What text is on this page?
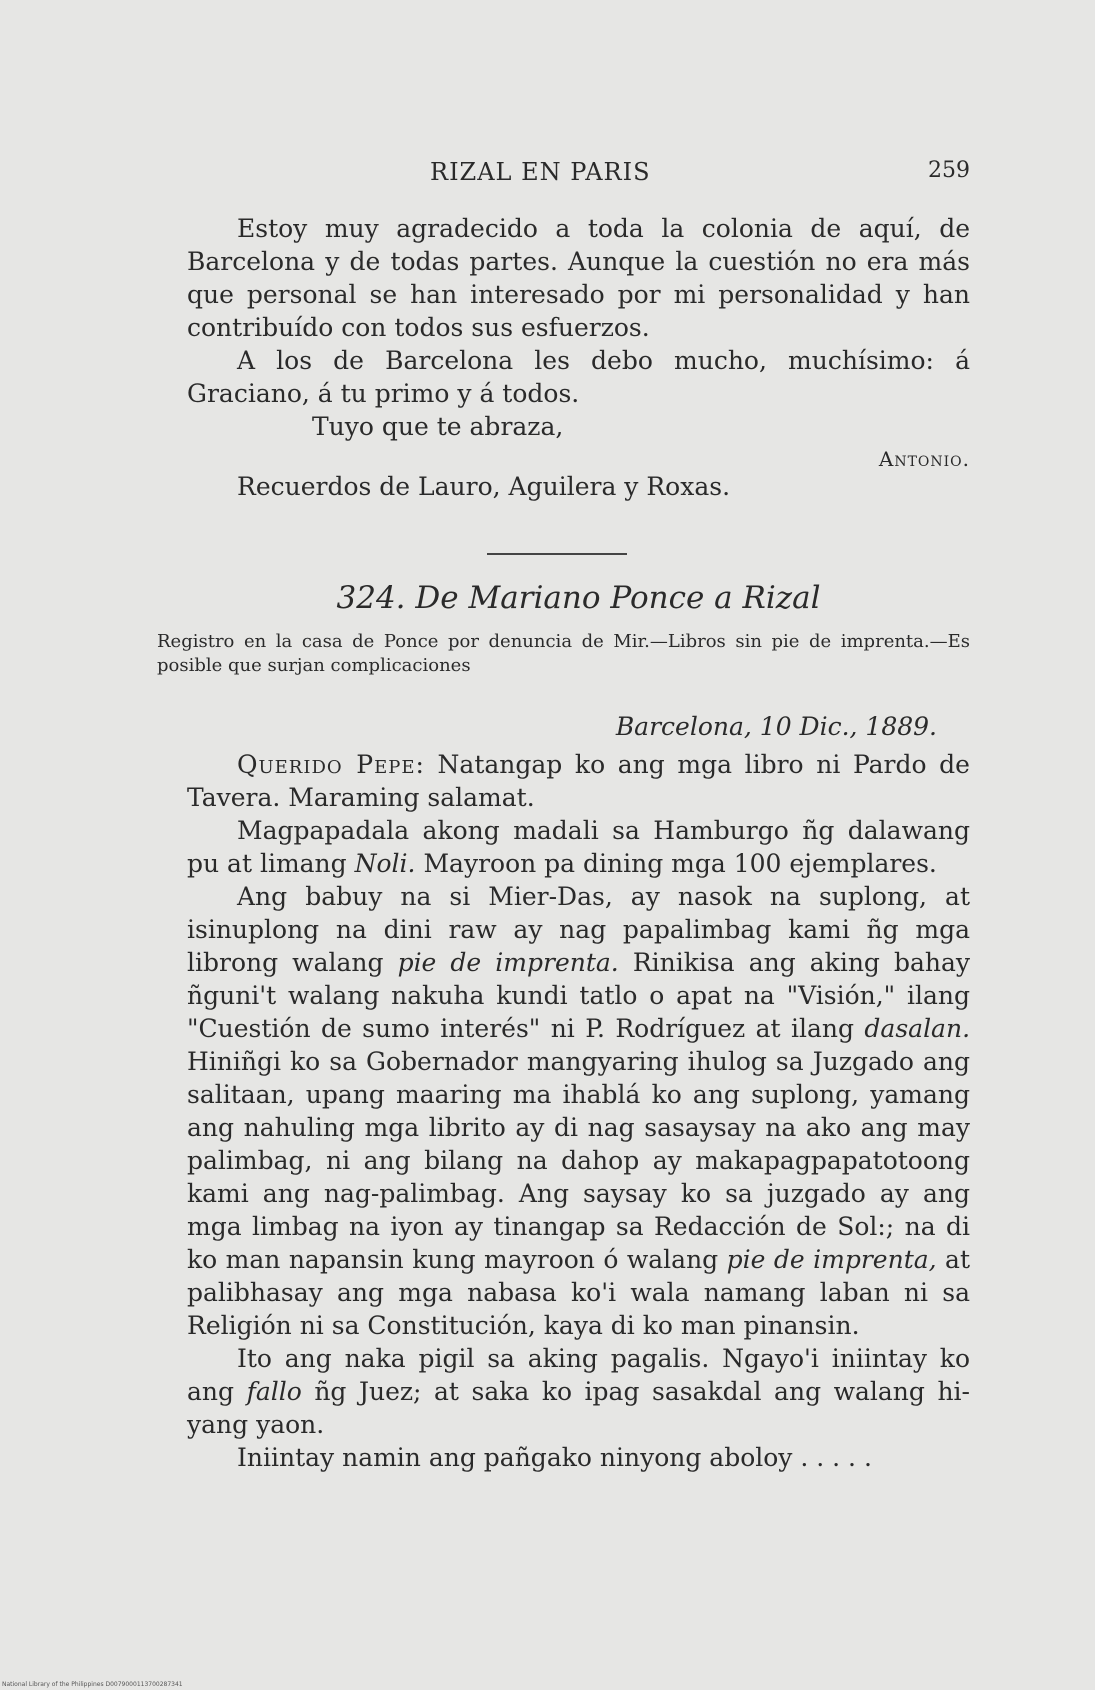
RIZAL EN PARIS	259

Estoy muy agradecido a toda la colonia de aquí, de Barcelona y de todas partes. Aunque la cuestión no era más que personal se han interesado por mi personalidad y han contribuído con todos sus esfuerzos.

A los de Barcelona les debo mucho, muchísimo: á Graciano, á tu primo y á todos.

Tuyo que te abraza,

Antonio.

Recuerdos de Lauro, Aguilera y Roxas.

324. De Mariano Ponce a Rizal
Registro en la casa de Ponce por denuncia de Mir.—Libros sin pie de imprenta.—Es posible que surjan complicaciones
Barcelona, 10 Dic., 1889.

Querido Pepe: Natangap ko ang mga libro ni Pardo de Tavera. Maraming salamat.

Magpapadala akong madali sa Hamburgo ñg dalawang pu at limang Noli. Mayroon pa dining mga 100 ejemplares.

Ang babuy na si Mier-Das, ay nasok na suplong, at isinuplong na dini raw ay nag papalimbag kami ñg mga librong walang pie de imprenta. Rinikisa ang aking bahay ñguni't walang nakuha kundi tatlo o apat na "Visión," ilang "Cuestión de sumo interés" ni P. Rodríguez at ilang dasalan. Hiniñgi ko sa Gobernador mangyaring ihulog sa Juzgado ang salitaan, upang maaring ma ihablá ko ang suplong, yamang ang nahuling mga librito ay di nag sasaysay na ako ang may palimbag, ni ang bilang na dahop ay makapagpapatotoong kami ang nag-palimbag. Ang saysay ko sa juzgado ay ang mga limbag na iyon ay tinangap sa Redacción de Sol:; na di ko man napansin kung mayroon ó walang pie de imprenta, at palibhasay ang mga nabasa ko'i wala namang laban ni sa Religión ni sa Constitución, kaya di ko man pinansin.

Ito ang naka pigil sa aking pagalis. Ngayo'i iniintay ko ang fallo ñg Juez; at saka ko ipag sasakdal ang walang hi-yang yaon.

Iniintay namin ang pañgako ninyong aboloy . . . . .

National Library of the Philippines D0079000113700287341
